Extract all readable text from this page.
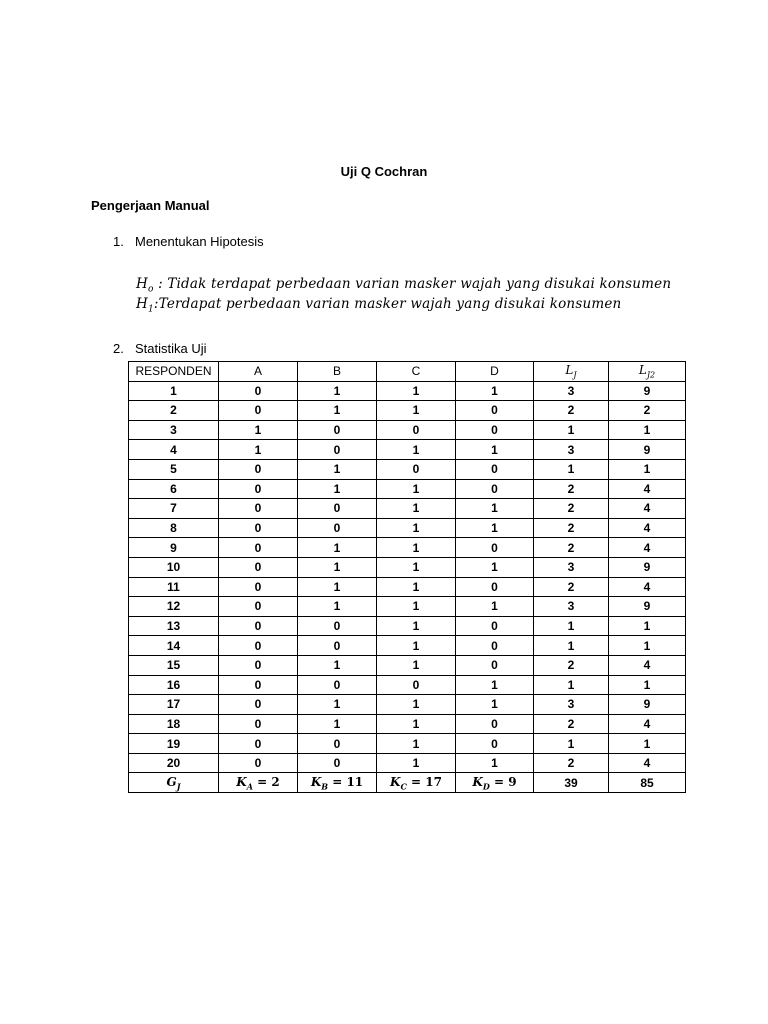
Uji Q Cochran
Pengerjaan Manual
1. Menentukan Hipotesis
$H_o$ : Tidak terdapat perbedaan varian masker wajah yang disukai konsumen
$H_1:Terdapat$ perbedaan varian masker wajah yang disukai konsumen
2. Statistika Uji
RESPONDEN	A	B	C	D	$L_J$	$L_{J2}$
1	0	1	1	1	3	9
2	0	1	1	0	2	2
3	1	0	0	0	1	1
4	1	0	1	1	3	9
5	0	1	0	0	1	1
6	0	1	1	0	2	4
7	0	0	1	1	2	4
8	0	0	1	1	2	4
9	0	1	1	0	2	4
10	0	1	1	1	3	9
11	0	1	1	0	2	4
12	0	1	1	1	3	9
13	0	0	1	0	1	1
14	0	0	1	0	1	1
15	0	1	1	0	2	4
16	0	0	0	1	1	1
17	0	1	1	1	3	9
18	0	1	1	0	2	4
19	0	0	1	0	1	1
20	0	0	1	1	2	4
$G_J$	$K_A = 2$	$K_B = 11$	$K_C = 17$	$K_D = 9$	39	85
